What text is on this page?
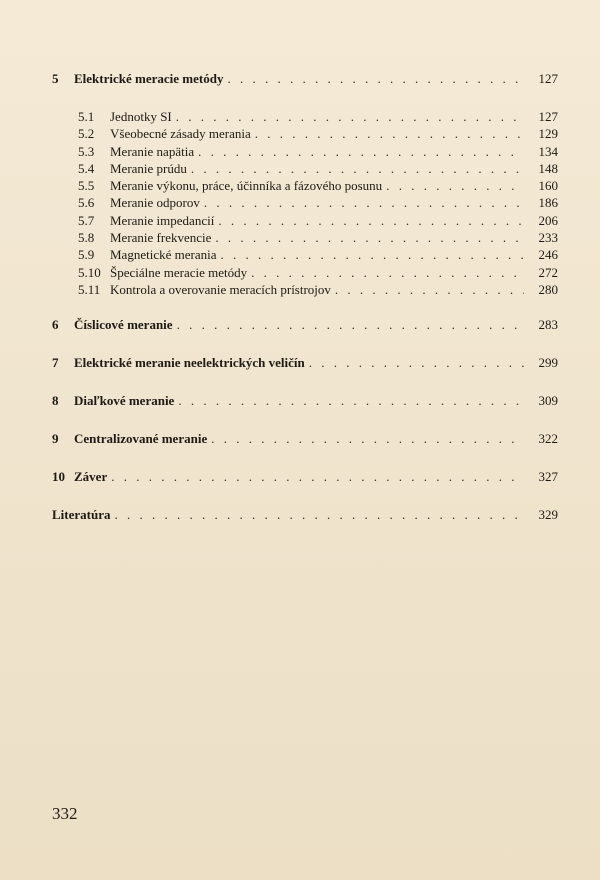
5	Elektrické meracie metódy . . .	127
5.1	Jednotky SI . . .	127
5.2	Všeobecné zásady merania . . .	129
5.3	Meranie napätia . . .	134
5.4	Meranie prúdu . . .	148
5.5	Meranie výkonu, práce, účinníka a fázového posunu . . .	160
5.6	Meranie odporov . . .	186
5.7	Meranie impedancií . . .	206
5.8	Meranie frekvencie . . .	233
5.9	Magnetické merania . . .	246
5.10 Špeciálne meracie metódy . . .	272
5.11 Kontrola a overovanie meracích prístrojov . . .	280
6	Číslicové meranie . . .	283
7	Elektrické meranie neelektrických veličín . . .	299
8	Diaľkové meranie . . .	309
9	Centralizované meranie . . .	322
10 Záver . . .	327
Literatúra . . .	329
332
